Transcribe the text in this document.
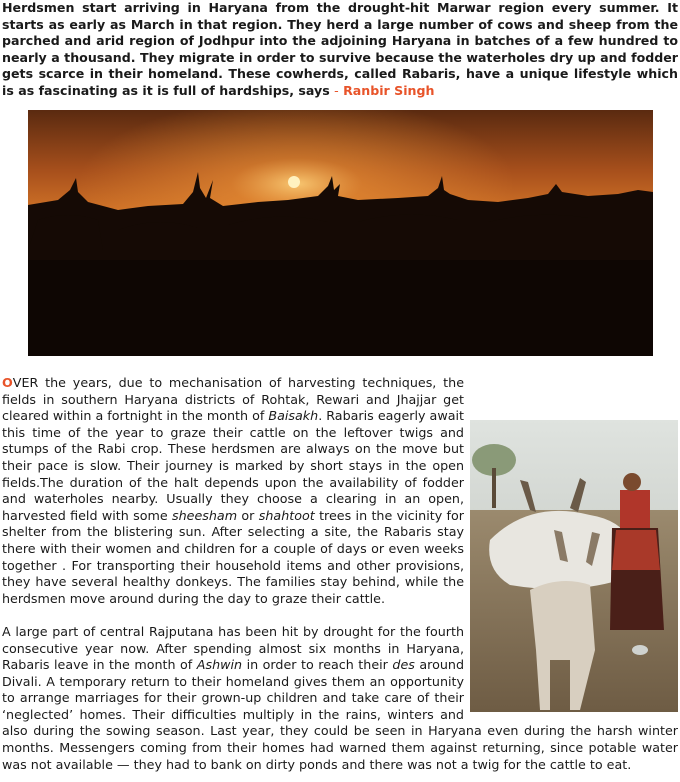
Herdsmen start arriving in Haryana from the drought-hit Marwar region every summer. It starts as early as March in that region. They herd a large number of cows and sheep from the parched and arid region of Jodhpur into the adjoining Haryana in batches of a few hundred to nearly a thousand. They migrate in order to survive because the waterholes dry up and fodder gets scarce in their homeland. These cowherds, called Rabaris, have a unique lifestyle which is as fascinating as it is full of hardships, says - Ranbir Singh

OVER the years, due to mechanisation of harvesting techniques, the fields in southern Haryana districts of Rohtak, Rewari and Jhajjar get cleared within a fortnight in the month of Baisakh. Rabaris eagerly await this time of the year to graze their cattle on the leftover twigs and stumps of the Rabi crop. These herdsmen are always on the move but their pace is slow. Their journey is marked by short stays in the open fields.The duration of the halt depends upon the availability of fodder and waterholes nearby. Usually they choose a clearing in an open, harvested field with some sheesham or shahtoot trees in the vicinity for shelter from the blistering sun. After selecting a site, the Rabaris stay there with their women and children for a couple of days or even weeks together . For transporting their household items and other provisions, they have several healthy donkeys. The families stay behind, while the herdsmen move around during the day to graze their cattle.

A large part of central Rajputana has been hit by drought for the fourth consecutive year now. After spending almost six months in Haryana, Rabaris leave in the month of Ashwin in order to reach their des around Divali. A temporary return to their homeland gives them an opportunity to arrange marriages for their grown-up children and take care of their ‘neglected’ homes. Their difficulties multiply in the rains, winters and also during the sowing season. Last year, they could be seen in Haryana even during the harsh winter months. Messengers coming from their homes had warned them against returning, since potable water was not available — they had to bank on dirty ponds and there was not a twig for the cattle to eat.
